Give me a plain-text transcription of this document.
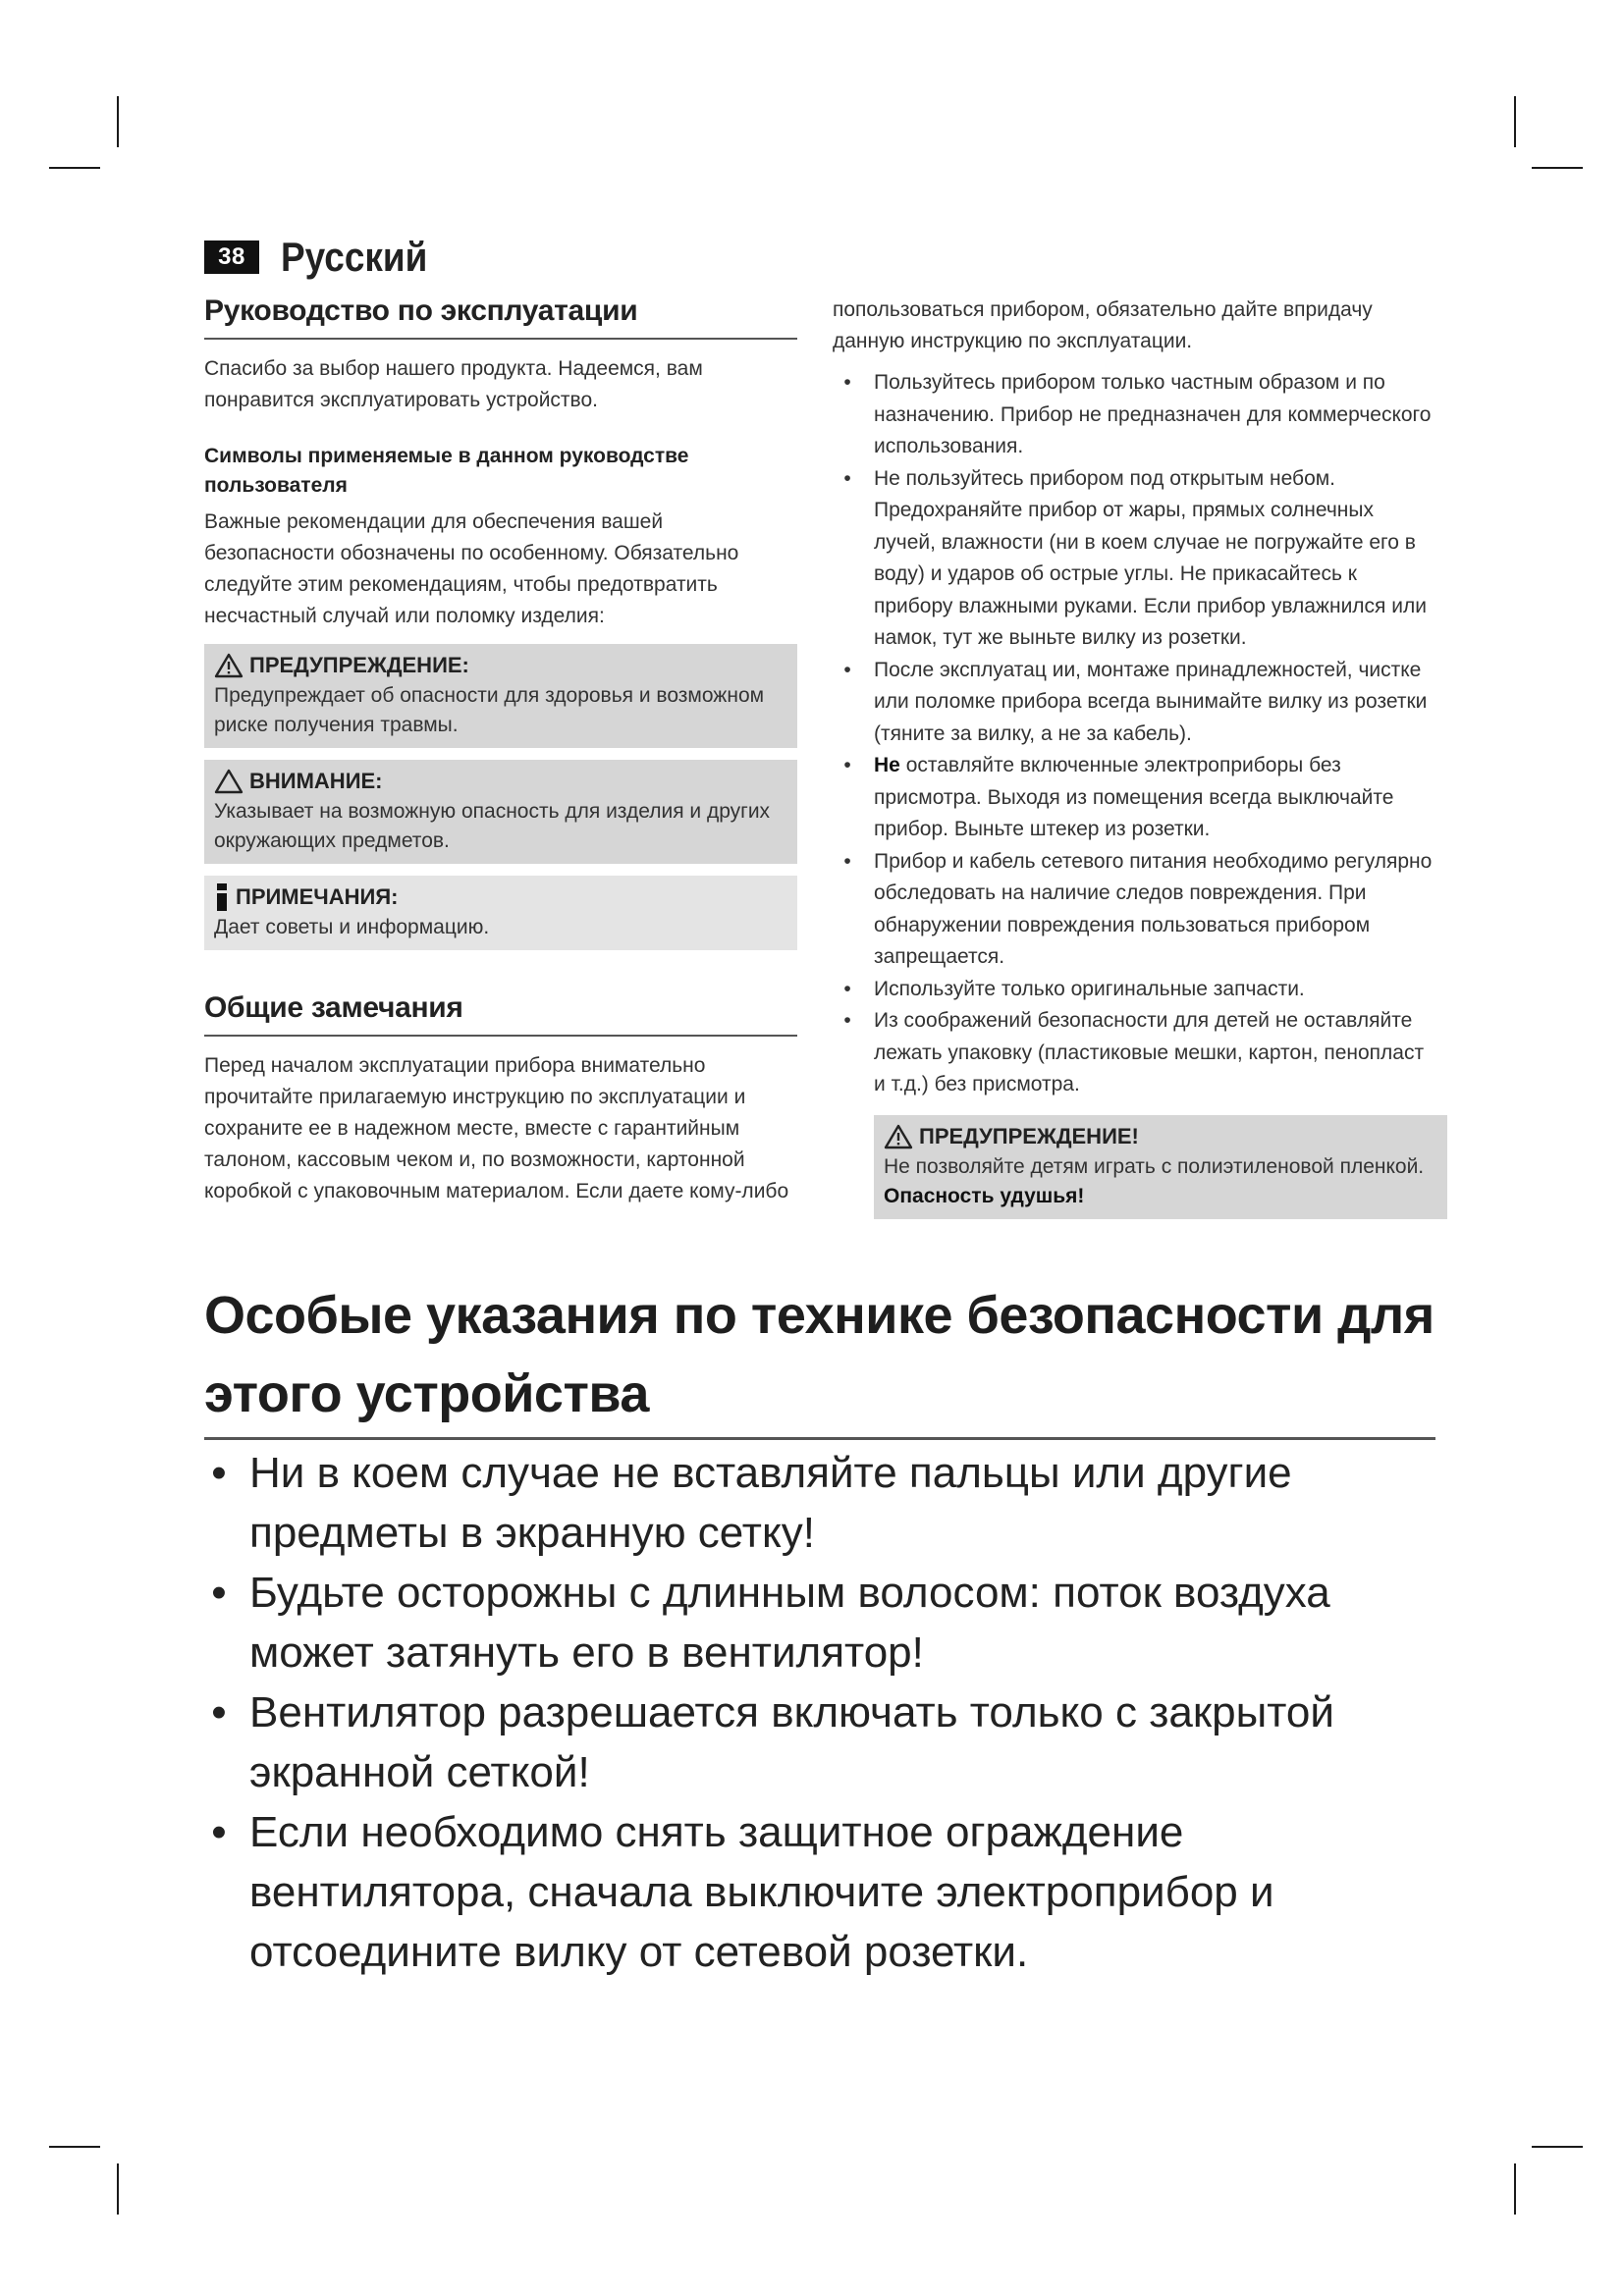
38 Русский
Руководство по эксплуатации

Спасибо за выбор нашего продукта. Надеемся, вам понравится эксплуатировать устройство.

Символы применяемые в данном руководстве пользователя

Важные рекомендации для обеспечения вашей безопасности обозначены по особенному. Обязательно следуйте этим рекомендациям, чтобы предотвратить несчастный случай или поломку изделия:

ПРЕДУПРЕЖДЕНИЕ:

Предупреждает об опасности для здоровья и возможном риске получения травмы.

ВНИМАНИЕ:

Указывает на возможную опасность для изделия и других окружающих предметов.

ПРИМЕЧАНИЯ:

Дает советы и информацию.

Общие замечания

Перед началом эксплуатации прибора внимательно прочитайте прилагаемую инструкцию по эксплуатации и сохраните ее в надежном месте, вместе с гарантийным талоном, кассовым чеком и, по возможности, картонной коробкой с упаковочным материалом. Если даете кому-либо

попользоваться прибором, обязательно дайте впридачу данную инструкцию по эксплуатации.

•	Пользуйтесь прибором только частным образом и по назначению. Прибор не предназначен для коммерческого использования.
•	Не пользуйтесь прибором под открытым небом. Предохраняйте прибор от жары, прямых солнечных лучей, влажности (ни в коем случае не погружайте его в воду) и ударов об острые углы. Не прикасайтесь к прибору влажными руками. Если прибор увлажнился или намок, тут же выньте вилку из розетки.
•	После эксплуатац ии, монтаже принадлежностей, чистке или поломке прибора всегда вынимайте вилку из розетки (тяните за вилку, а не за кабель).
•	Не оставляйте включенные электроприборы без присмотра. Выходя из помещения всегда выключайте прибор. Выньте штекер из розетки.
•	Прибор и кабель сетевого питания необходимо регулярно обследовать на наличие следов повреждения. При обнаружении повреждения пользоваться прибором запрещается.
•	Используйте только оригинальные запчасти.
•	Из соображений безопасности для детей не оставляйте лежать упаковку (пластиковые мешки, картон, пенопласт и т.д.) без присмотра.
ПРЕДУПРЕЖДЕНИЕ!

Не позволяйте детям играть с полиэтиленовой пленкой. Опасность удушья!

Особые указания по технике безопасности для этого устройства
• Ни в коем случае не вставляйте пальцы или другие предметы в экранную сетку!
• Будьте осторожны с длинным волосом: поток воздуха может затянуть его в вентилятор!
• Вентилятор разрешается включать только с закрытой экранной сеткой!
• Если необходимо снять защитное ограждение вентилятора, сначала выключите электроприбор и отсоедините вилку от сетевой розетки.
